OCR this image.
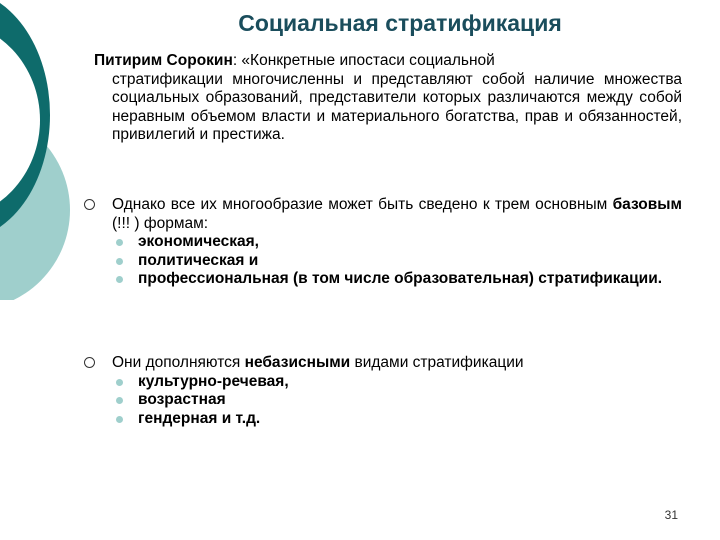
Социальная стратификация

Питирим Сорокин: «Конкретные ипостаси социальной
стратификации многочисленны и представляют собой наличие множества социальных образований, представители которых различаются между собой неравным объемом власти и материального богатства, прав и обязанностей, привилегий и престижа.

Однако все их многообразие может быть сведено к трем основным базовым (!!! ) формам:
экономическая,
политическая и
профессиональная (в том числе образовательная) стратификации.
Они дополняются небазисными видами стратификации
культурно-речевая,
возрастная
гендерная и т.д.
31
